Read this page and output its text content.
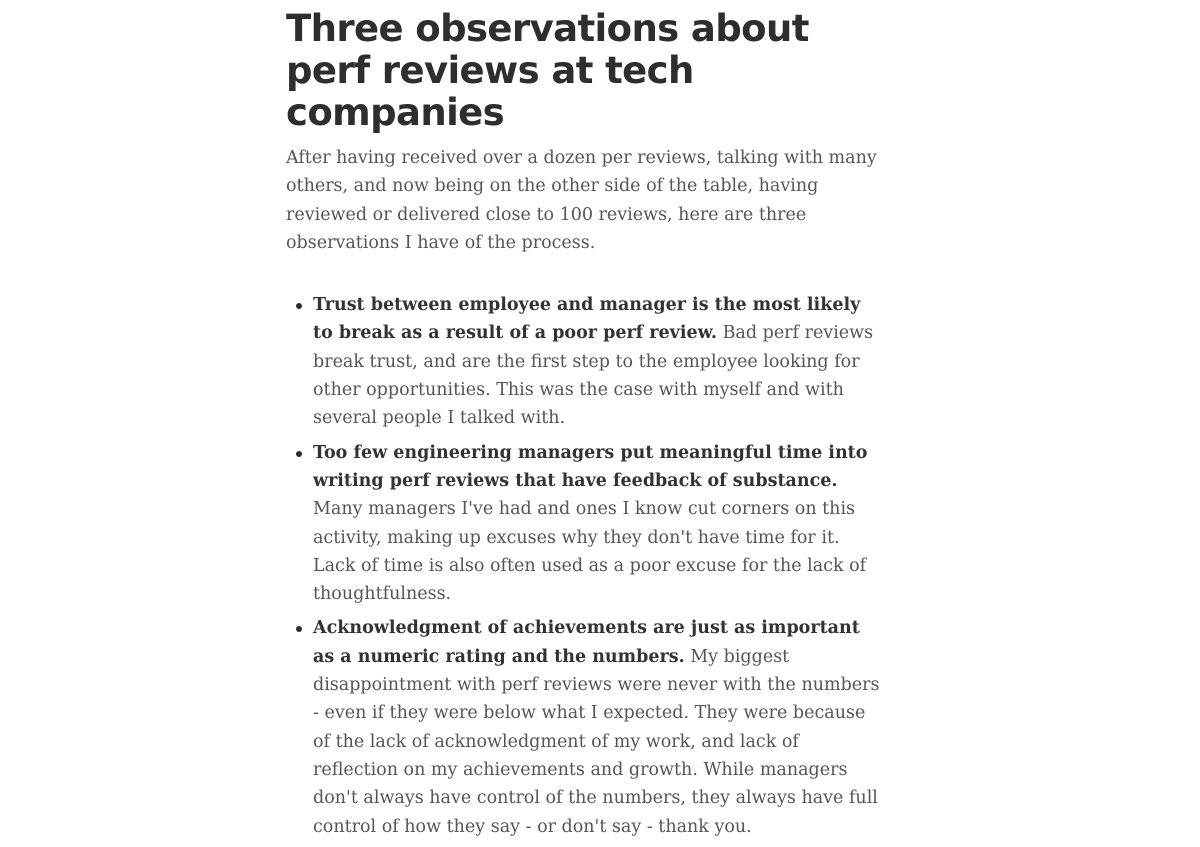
Three observations about perf reviews at tech companies

After having received over a dozen per reviews, talking with many others, and now being on the other side of the table, having reviewed or delivered close to 100 reviews, here are three observations I have of the process.

Trust between employee and manager is the most likely to break as a result of a poor perf review. Bad perf reviews break trust, and are the first step to the employee looking for other opportunities. This was the case with myself and with several people I talked with.
Too few engineering managers put meaningful time into writing perf reviews that have feedback of substance. Many managers I've had and ones I know cut corners on this activity, making up excuses why they don't have time for it. Lack of time is also often used as a poor excuse for the lack of thoughtfulness.
Acknowledgment of achievements are just as important as a numeric rating and the numbers. My biggest disappointment with perf reviews were never with the numbers - even if they were below what I expected. They were because of the lack of acknowledgment of my work, and lack of reflection on my achievements and growth. While managers don't always have control of the numbers, they always have full control of how they say - or don't say - thank you.
